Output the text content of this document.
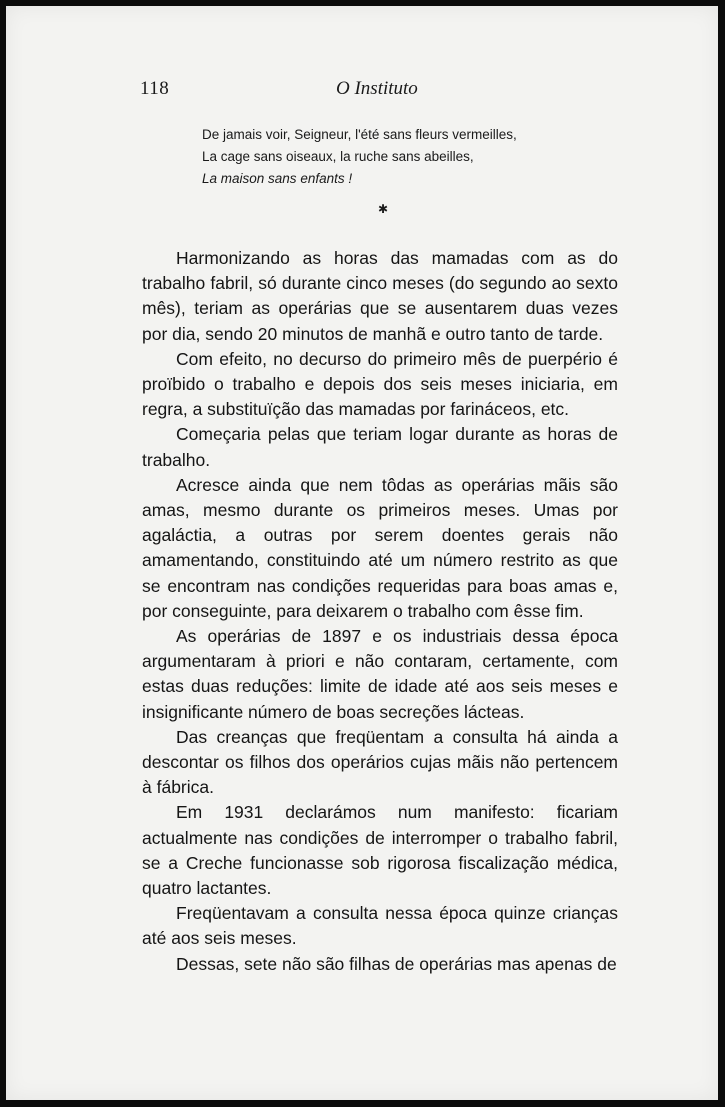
118	O Instituto
De jamais voir, Seigneur, l'été sans fleurs vermeilles,
La cage sans oiseaux, la ruche sans abeilles,
La maison sans enfants !
✱

Harmonizando as horas das mamadas com as do trabalho fabril, só durante cinco meses (do segundo ao sexto mês), teriam as operárias que se ausentarem duas vezes por dia, sendo 20 minutos de manhã e outro tanto de tarde.

Com efeito, no decurso do primeiro mês de puerpério é proïbido o trabalho e depois dos seis meses iniciaria, em regra, a substituïção das mamadas por farináceos, etc.

Começaria pelas que teriam logar durante as horas de trabalho.

Acresce ainda que nem tôdas as operárias mãis são amas, mesmo durante os primeiros meses. Umas por agaláctia, a outras por serem doentes gerais não amamentando, constituindo até um número restrito as que se encontram nas condições requeridas para boas amas e, por conseguinte, para deixarem o trabalho com êsse fim.

As operárias de 1897 e os industriais dessa época argumentaram à priori e não contaram, certamente, com estas duas reduções: limite de idade até aos seis meses e insignificante número de boas secreções lácteas.

Das creanças que freqüentam a consulta há ainda a descontar os filhos dos operários cujas mãis não pertencem à fábrica.

Em 1931 declarámos num manifesto: ficariam actualmente nas condições de interromper o trabalho fabril, se a Creche funcionasse sob rigorosa fiscalização médica, quatro lactantes.

Freqüentavam a consulta nessa época quinze crianças até aos seis meses.

Dessas, sete não são filhas de operárias mas apenas de
